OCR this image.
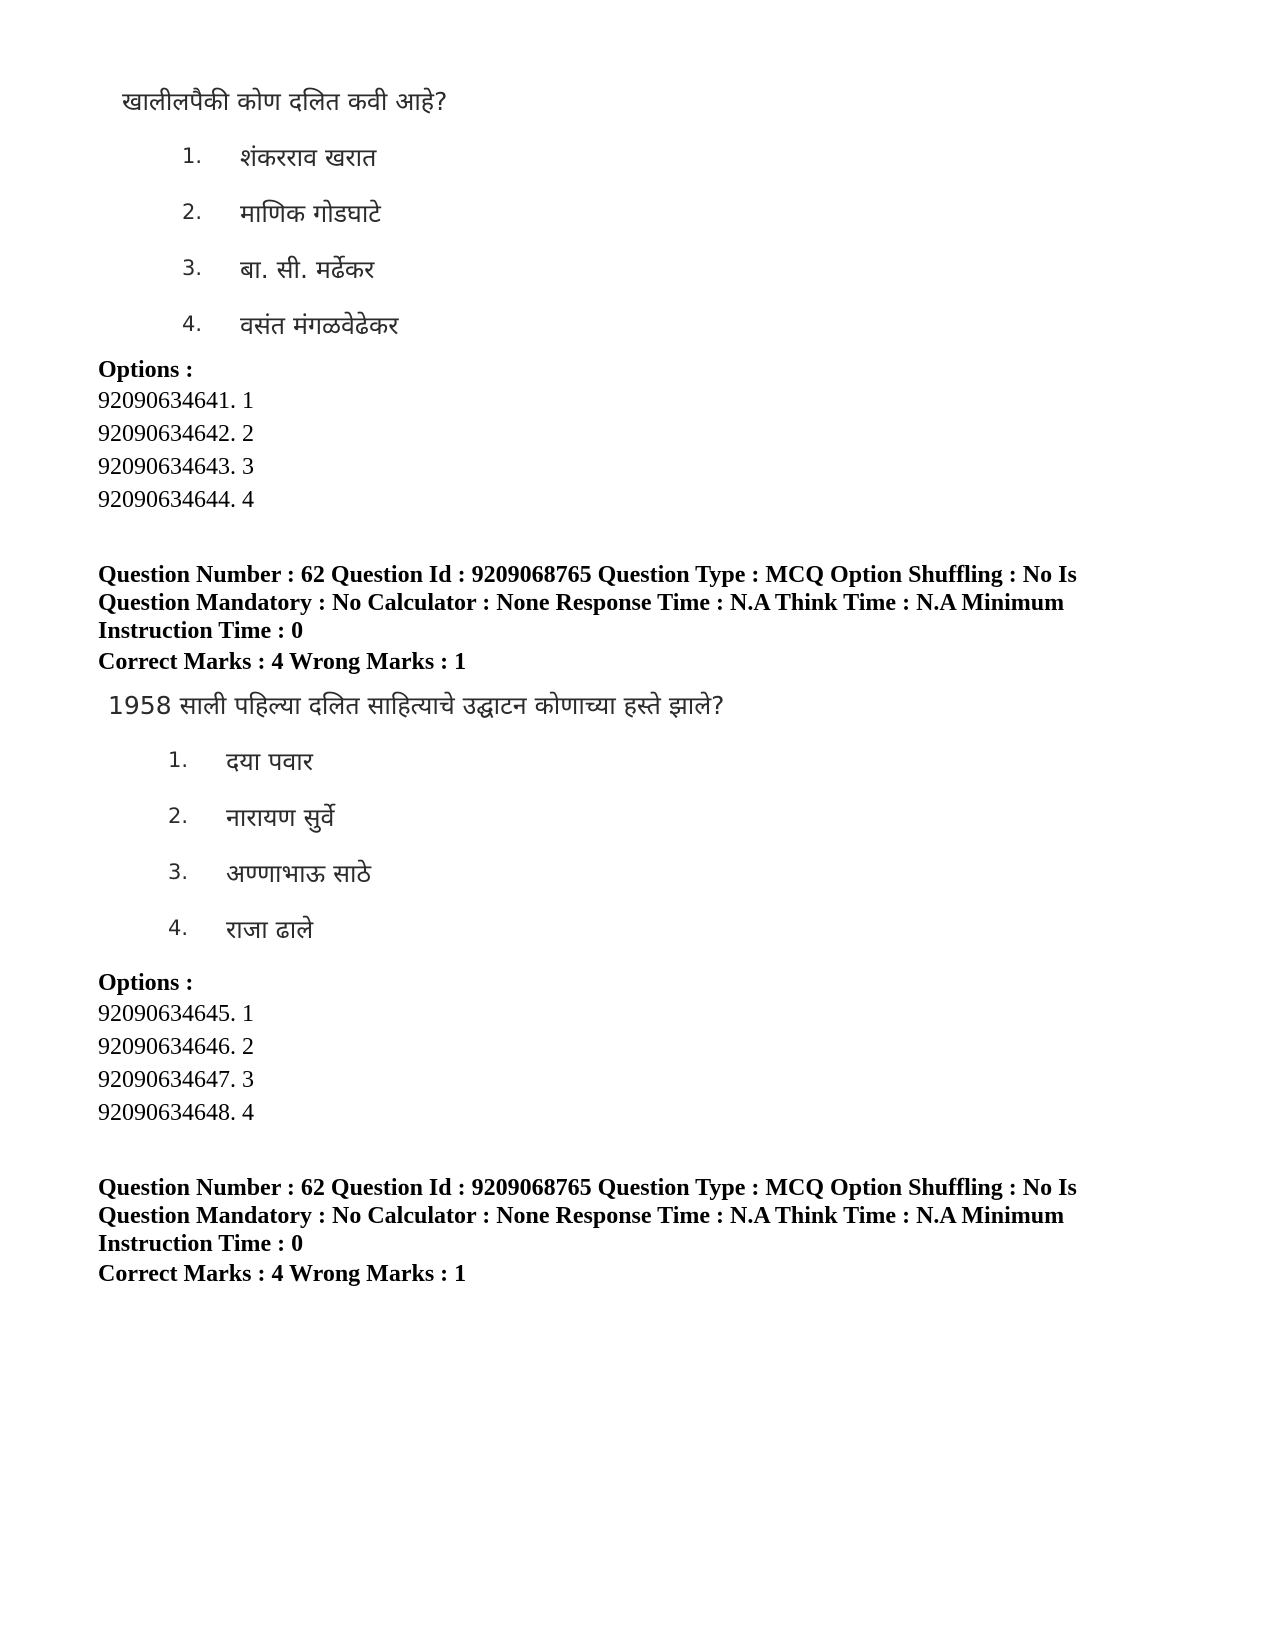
खालीलपैकी कोण दलित कवी आहे?
1.	शंकरराव खरात
2.	माणिक गोडघाटे
3.	बा. सी. मर्ढेकर
4.	वसंत मंगळवेढेकर
Options :
92090634641. 1
92090634642. 2
92090634643. 3
92090634644. 4
Question Number : 62 Question Id : 9209068765 Question Type : MCQ Option Shuffling : No Is
Question Mandatory : No Calculator : None Response Time : N.A Think Time : N.A Minimum
Instruction Time : 0
Correct Marks : 4 Wrong Marks : 1
1958 साली पहिल्या दलित साहित्याचे उद्घाटन कोणाच्या हस्ते झाले?
1.	दया पवार
2.	नारायण सुर्वे
3.	अण्णाभाऊ साठे
4.	राजा ढाले
Options :
92090634645. 1
92090634646. 2
92090634647. 3
92090634648. 4
Question Number : 62 Question Id : 9209068765 Question Type : MCQ Option Shuffling : No Is
Question Mandatory : No Calculator : None Response Time : N.A Think Time : N.A Minimum
Instruction Time : 0
Correct Marks : 4 Wrong Marks : 1
